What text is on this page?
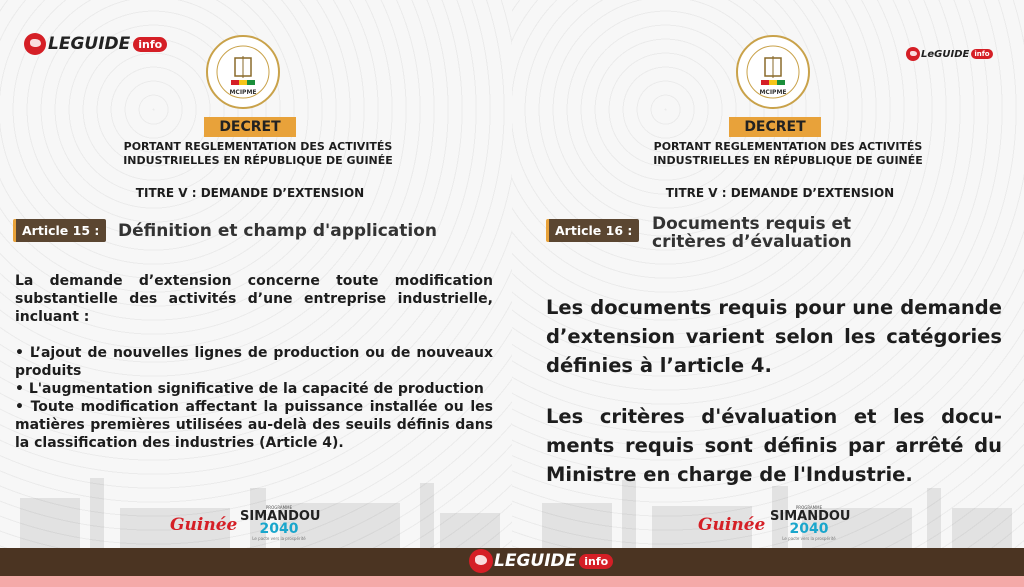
LEGUIDE info
MCIPME
DECRET
PORTANT REGLEMENTATION DES ACTIVITÉS
INDUSTRIELLES EN RÉPUBLIQUE DE GUINÉE
TITRE V : DEMANDE D’EXTENSION
Article 15 :	Définition et champ d'application

La demande d’extension concerne toute modification substantielle des activités d’une entreprise industrielle, incluant :

• L’ajout de nouvelles lignes de production ou de nouveaux produits

• L'augmentation significative de la capacité de production

• Toute modification affectant la puissance installée ou les matières premières utilisées au-delà des seuils définis dans la classification des industries (Article 4).

Guinée
PROGRAMME
SIMANDOU
2040
Le pacte vers la prospérité
MCIPME
LeGUIDE info
DECRET
PORTANT REGLEMENTATION DES ACTIVITÉS
INDUSTRIELLES EN RÉPUBLIQUE DE GUINÉE
TITRE V : DEMANDE D’EXTENSION
Article 16 :	Documents requis et
critères d’évaluation

Les documents requis pour une demande d’extension varient selon les catégories définies à l’article 4.

Les critères d'évaluation et les documents requis sont définis par arrêté du Ministre en charge de l'Industrie.

Guinée
PROGRAMME
SIMANDOU
2040
Le pacte vers la prospérité
LEGUIDE info
